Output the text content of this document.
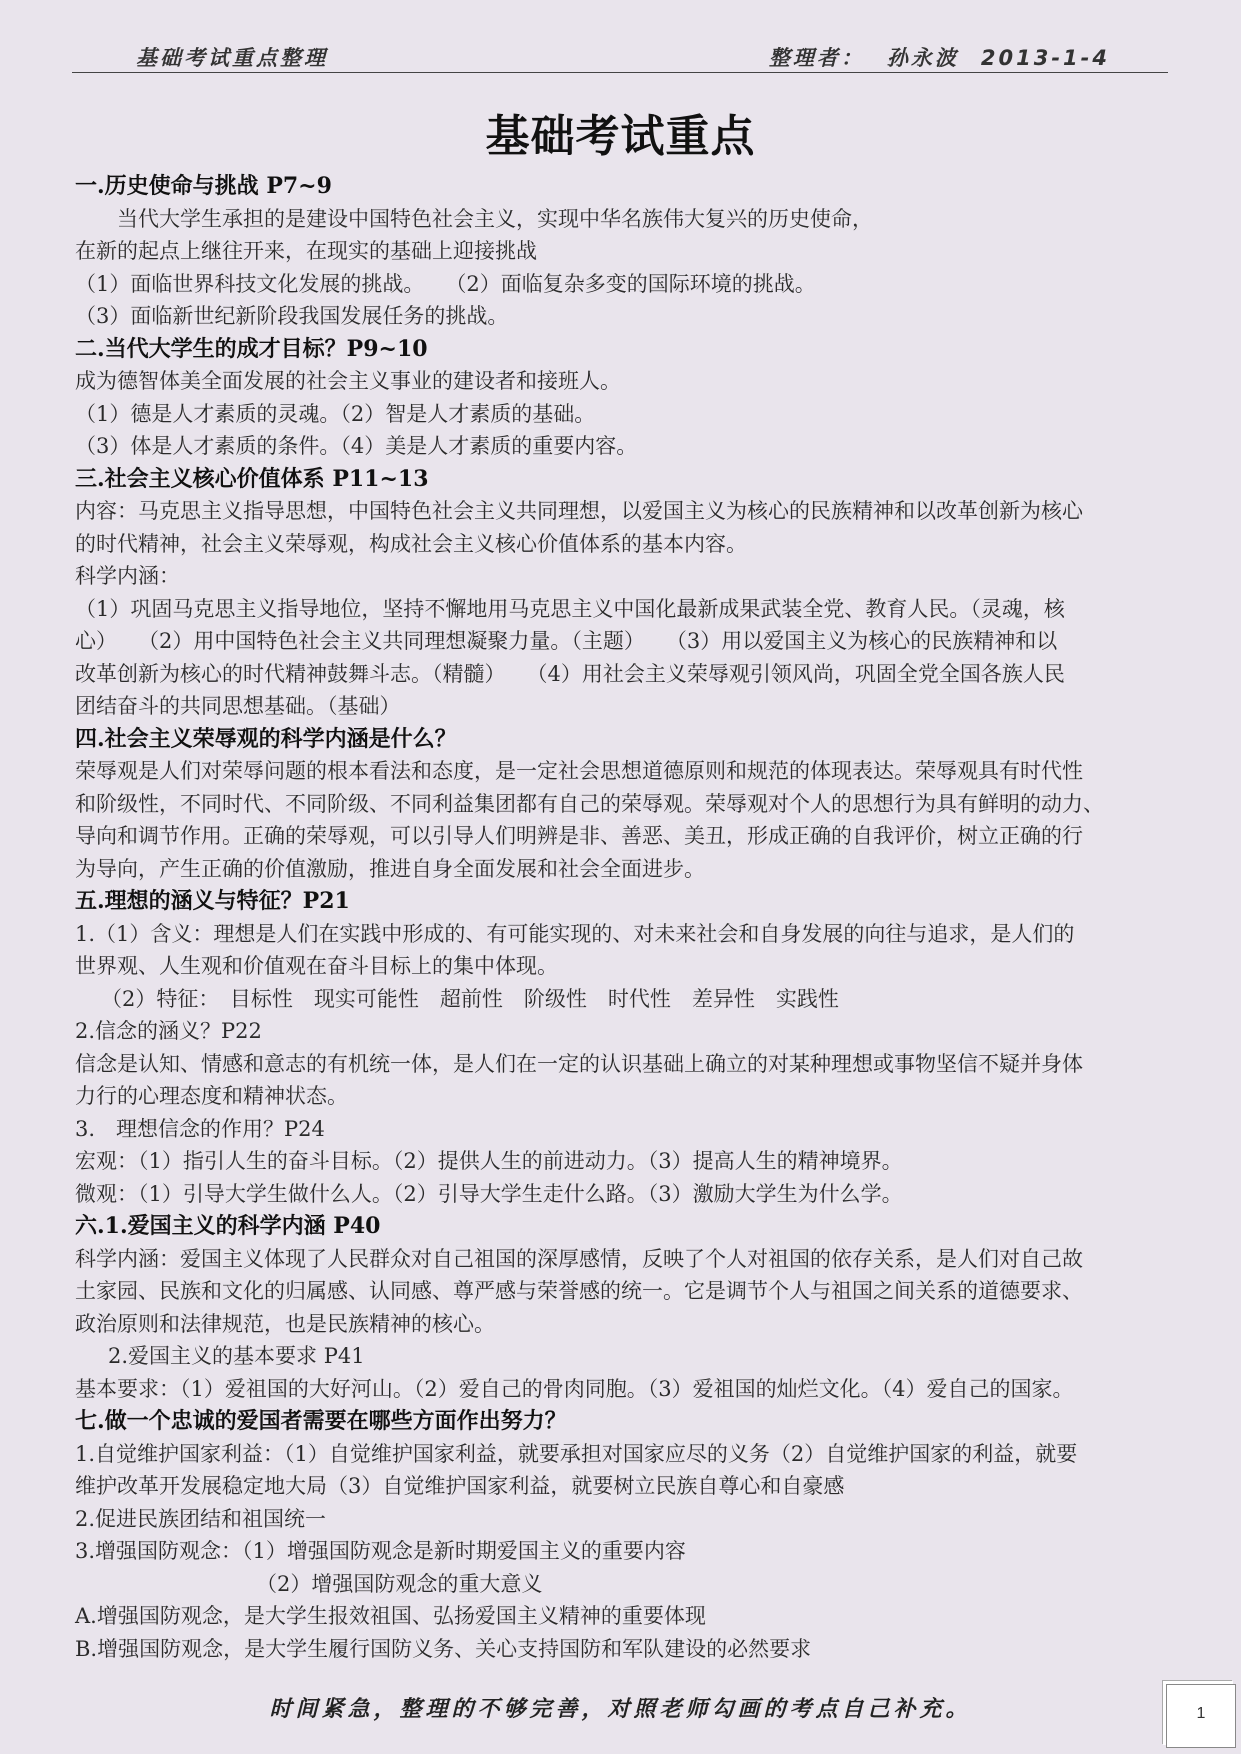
基础考试重点整理	整理者： 孙永波 2013-1-4
基础考试重点
一.历史使命与挑战 P7~9
当代大学生承担的是建设中国特色社会主义，实现中华名族伟大复兴的历史使命，
在新的起点上继往开来，在现实的基础上迎接挑战
（1）面临世界科技文化发展的挑战。　　（2）面临复杂多变的国际环境的挑战。
（3）面临新世纪新阶段我国发展任务的挑战。
二.当代大学生的成才目标？P9~10
成为德智体美全面发展的社会主义事业的建设者和接班人。
（1）德是人才素质的灵魂。（2）智是人才素质的基础。
（3）体是人才素质的条件。（4）美是人才素质的重要内容。
三.社会主义核心价值体系 P11~13
内容：马克思主义指导思想，中国特色社会主义共同理想，以爱国主义为核心的民族精神和以改革创新为核心
的时代精神，社会主义荣辱观，构成社会主义核心价值体系的基本内容。
科学内涵：
（1）巩固马克思主义指导地位，坚持不懈地用马克思主义中国化最新成果武装全党、教育人民。（灵魂，核
心）　　（2）用中国特色社会主义共同理想凝聚力量。（主题）　　（3）用以爱国主义为核心的民族精神和以
改革创新为核心的时代精神鼓舞斗志。（精髓）　　（4）用社会主义荣辱观引领风尚，巩固全党全国各族人民
团结奋斗的共同思想基础。（基础）
四.社会主义荣辱观的科学内涵是什么？
荣辱观是人们对荣辱问题的根本看法和态度，是一定社会思想道德原则和规范的体现表达。荣辱观具有时代性
和阶级性，不同时代、不同阶级、不同利益集团都有自己的荣辱观。荣辱观对个人的思想行为具有鲜明的动力、
导向和调节作用。正确的荣辱观，可以引导人们明辨是非、善恶、美丑，形成正确的自我评价，树立正确的行
为导向，产生正确的价值激励，推进自身全面发展和社会全面进步。
五.理想的涵义与特征？P21
1.（1）含义：理想是人们在实践中形成的、有可能实现的、对未来社会和自身发展的向往与追求，是人们的
世界观、人生观和价值观在奋斗目标上的集中体现。
（2）特征：　目标性　现实可能性　超前性　阶级性　时代性　差异性　实践性
2.信念的涵义？P22
信念是认知、情感和意志的有机统一体，是人们在一定的认识基础上确立的对某种理想或事物坚信不疑并身体
力行的心理态度和精神状态。
3.　理想信念的作用？P24
宏观：（1）指引人生的奋斗目标。（2）提供人生的前进动力。（3）提高人生的精神境界。
微观：（1）引导大学生做什么人。（2）引导大学生走什么路。（3）激励大学生为什么学。
六.1.爱国主义的科学内涵 P40
科学内涵：爱国主义体现了人民群众对自己祖国的深厚感情，反映了个人对祖国的依存关系，是人们对自己故
土家园、民族和文化的归属感、认同感、尊严感与荣誉感的统一。它是调节个人与祖国之间关系的道德要求、
政治原则和法律规范，也是民族精神的核心。
2.爱国主义的基本要求 P41
基本要求：（1）爱祖国的大好河山。（2）爱自己的骨肉同胞。（3）爱祖国的灿烂文化。（4）爱自己的国家。
七.做一个忠诚的爱国者需要在哪些方面作出努力？
1.自觉维护国家利益：（1）自觉维护国家利益，就要承担对国家应尽的义务（2）自觉维护国家的利益，就要
维护改革开发展稳定地大局（3）自觉维护国家利益，就要树立民族自尊心和自豪感
2.促进民族团结和祖国统一
3.增强国防观念：（1）增强国防观念是新时期爱国主义的重要内容
（2）增强国防观念的重大意义
A.增强国防观念，是大学生报效祖国、弘扬爱国主义精神的重要体现
B.增强国防观念，是大学生履行国防义务、关心支持国防和军队建设的必然要求
时间紧急，整理的不够完善，对照老师勾画的考点自己补充。	1
